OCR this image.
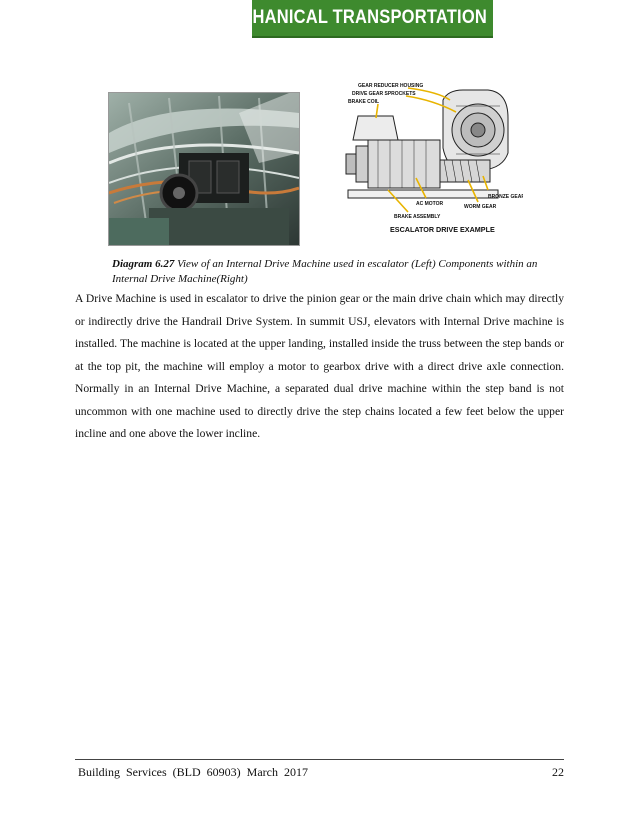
MECHANICAL TRANSPORTATION
GEAR REDUCER HOUSING
DRIVE GEAR SPROCKETS
BRAKE COIL
BRONZE GEAR
AC MOTOR	WORM GEAR
BRAKE ASSEMBLY
ESCALATOR DRIVE EXAMPLE
Diagram 6.27 View of an Internal Drive Machine used in escalator (Left) Components within an Internal Drive Machine(Right)
A Drive Machine is used in escalator to drive the pinion gear or the main drive chain which may directly or indirectly drive the Handrail Drive System. In summit USJ, elevators with Internal Drive machine is installed. The machine is located at the upper landing, installed inside the truss between the step bands or at the top pit, the machine will employ a motor to gearbox drive with a direct drive axle connection. Normally in an Internal Drive Machine, a separated dual drive machine within the step band is not uncommon with one machine used to directly drive the step chains located a few feet below the upper incline and one above the lower incline.
Building  Services  (BLD  60903)  March  2017	22
